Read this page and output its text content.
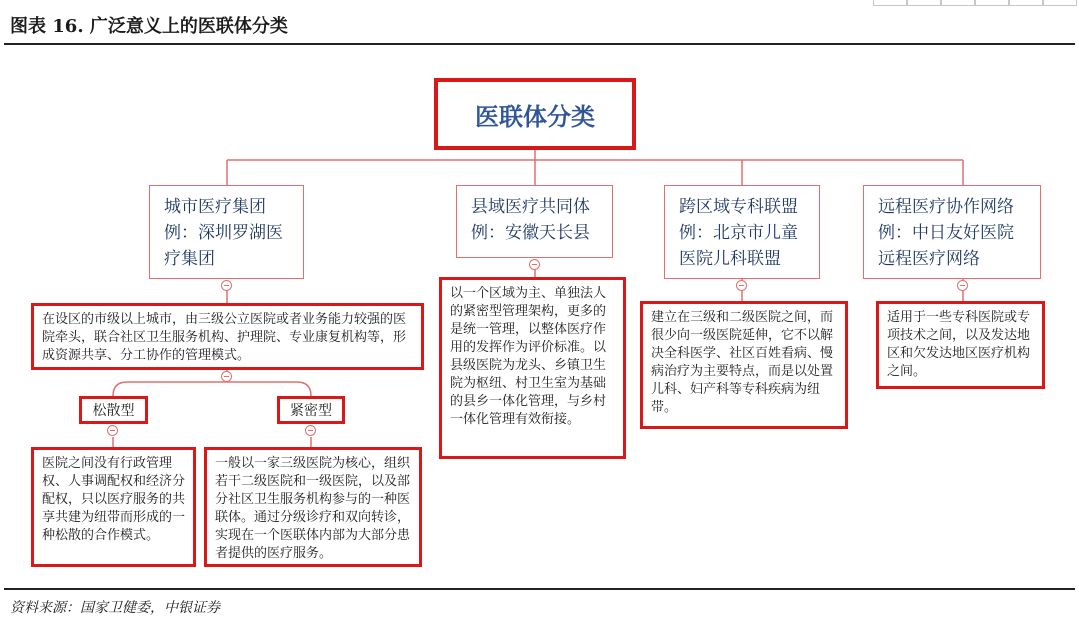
图表 16. 广泛意义上的医联体分类
医联体分类
城市医疗集团
例：深圳罗湖医
疗集团
县域医疗共同体
例：安徽天长县
跨区域专科联盟
例：北京市儿童
医院儿科联盟
远程医疗协作网络
例：中日友好医院
远程医疗网络
在设区的市级以上城市，由三级公立医院或者业务能力较强的医院牵头，联合社区卫生服务机构、护理院、专业康复机构等，形成资源共享、分工协作的管理模式。
以一个区域为主、单独法人的紧密型管理架构，更多的是统一管理，以整体医疗作用的发挥作为评价标准。以县级医院为龙头、乡镇卫生院为枢纽、村卫生室为基础的县乡一体化管理，与乡村一体化管理有效衔接。
建立在三级和二级医院之间，而很少向一级医院延伸，它不以解决全科医学、社区百姓看病、慢病治疗为主要特点，而是以处置儿科、妇产科等专科疾病为纽带。
适用于一些专科医院或专项技术之间，以及发达地区和欠发达地区医疗机构之间。
松散型	紧密型
医院之间没有行政管理权、人事调配权和经济分配权，只以医疗服务的共享共建为纽带而形成的一种松散的合作模式。
一般以一家三级医院为核心，组织若干二级医院和一级医院，以及部分社区卫生服务机构参与的一种医联体。通过分级诊疗和双向转诊，实现在一个医联体内部为大部分患者提供的医疗服务。
资料来源：国家卫健委，中银证券
